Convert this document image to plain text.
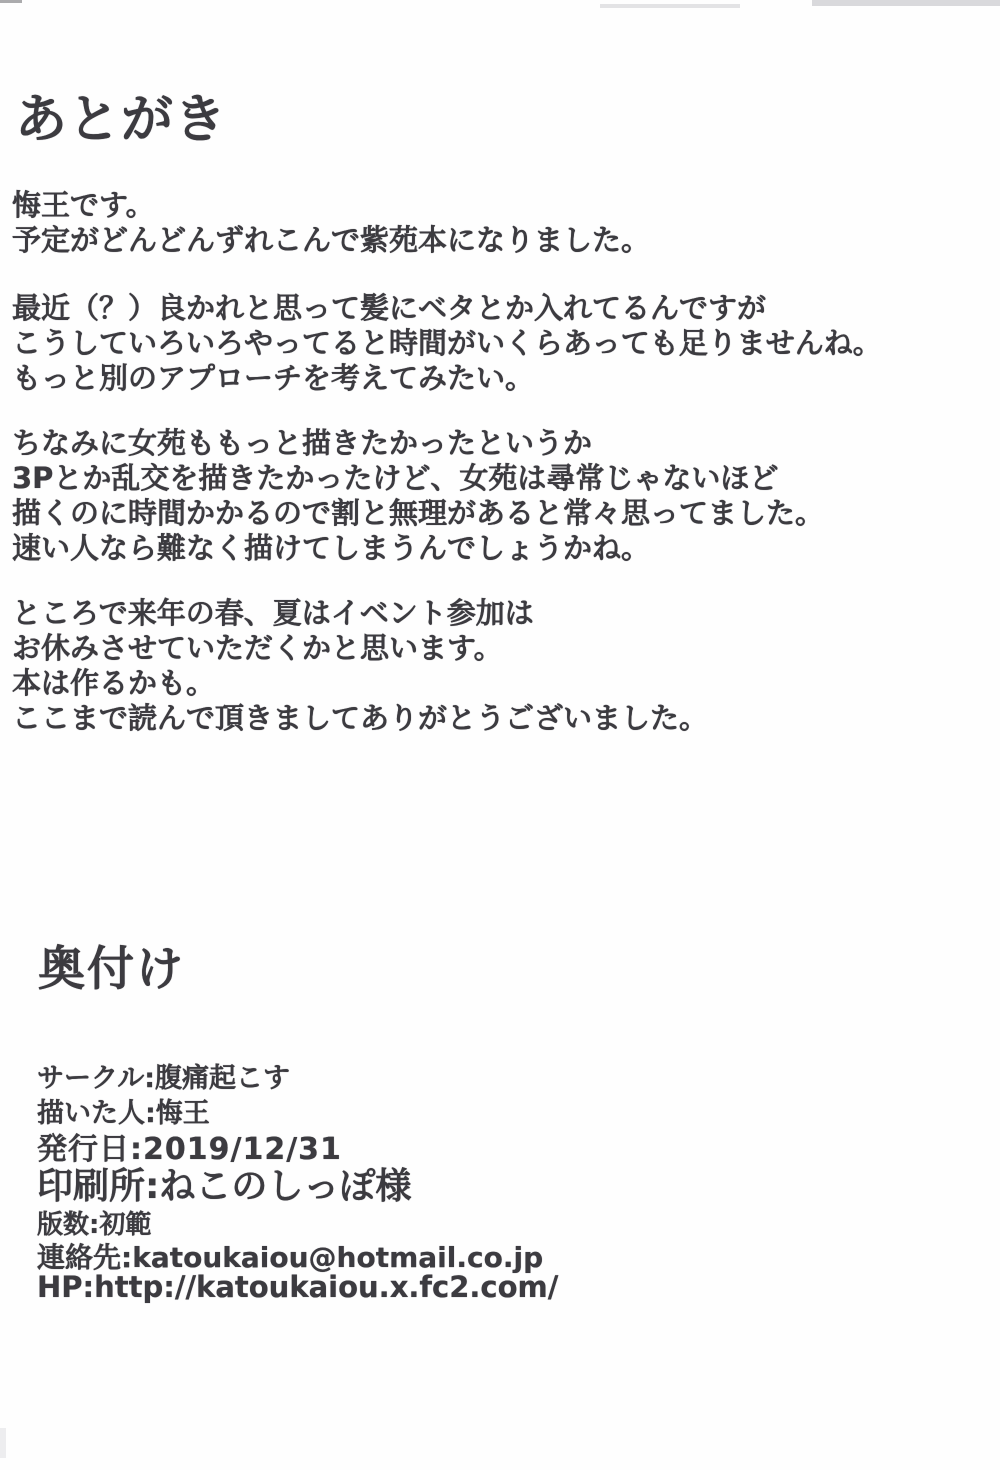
あとがき
悔王です。
予定がどんどんずれこんで紫苑本になりました。
最近（？）良かれと思って髪にベタとか入れてるんですが
こうしていろいろやってると時間がいくらあっても足りませんね。
もっと別のアプローチを考えてみたい。
ちなみに女苑ももっと描きたかったというか
3Pとか乱交を描きたかったけど、女苑は尋常じゃないほど
描くのに時間かかるので割と無理があると常々思ってました。
速い人なら難なく描けてしまうんでしょうかね。
ところで来年の春、夏はイベント参加は
お休みさせていただくかと思います。
本は作るかも。
ここまで読んで頂きましてありがとうございました。
奥付け
サークル:腹痛起こす
描いた人:悔王
発行日:2019/12/31
印刷所:ねこのしっぽ様
版数:初範
連絡先:katoukaiou@hotmail.co.jp
HP:http://katoukaiou.x.fc2.com/
